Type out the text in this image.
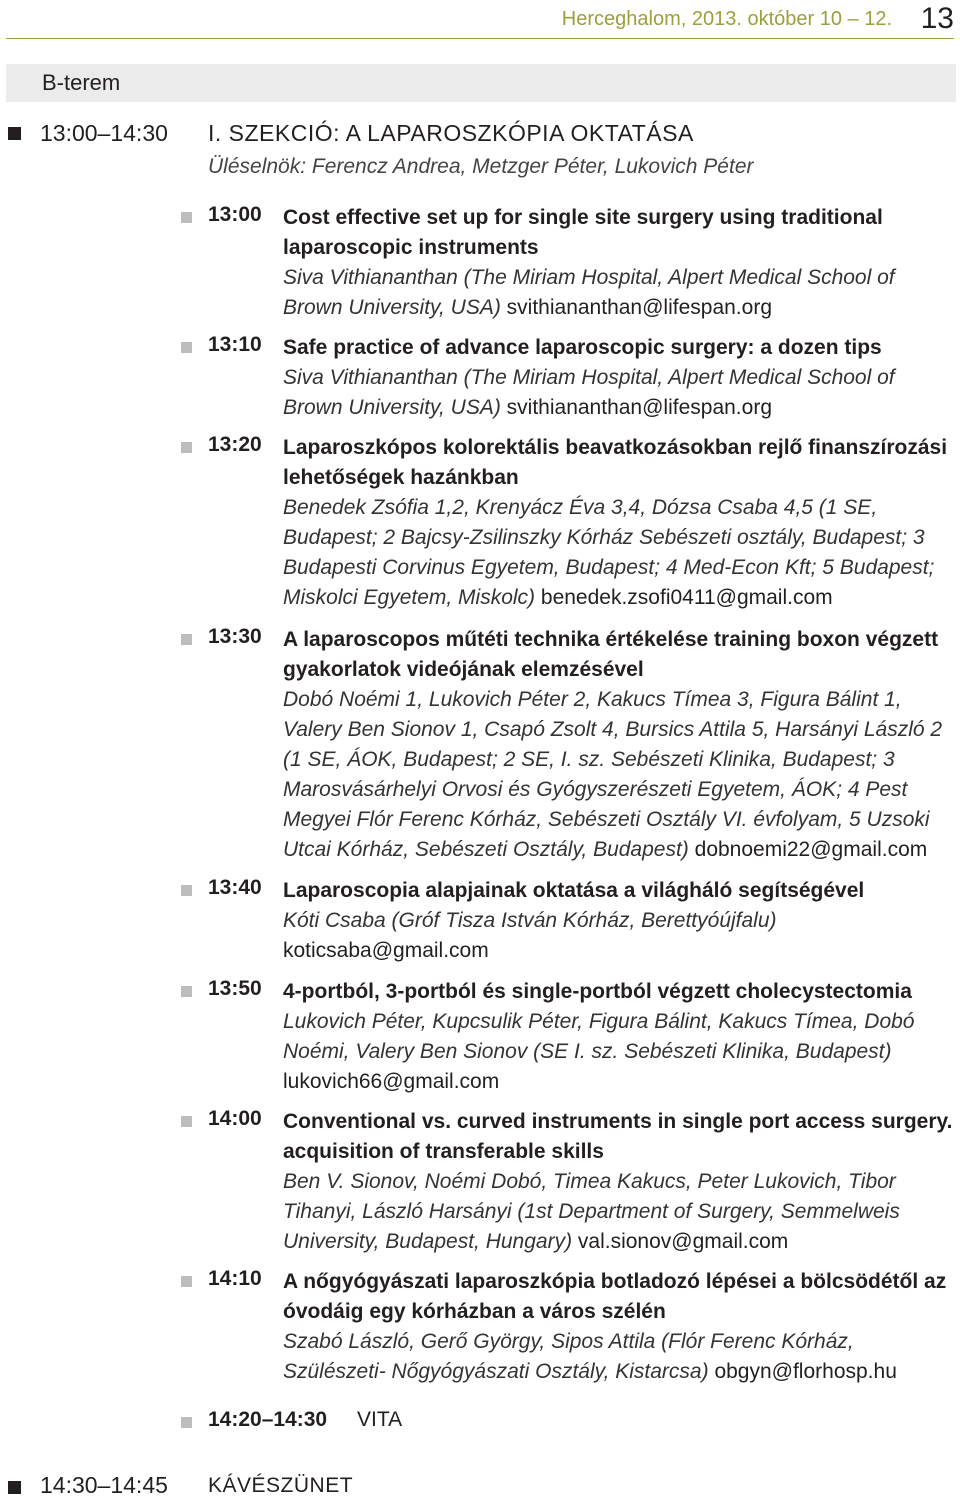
Herceghalom, 2013. október 10 – 12. 13
B-terem
13:00–14:30 I. SZEKCIÓ: A LAPAROSZKÓPIA OKTATÁSA
Üléselnök: Ferencz Andrea, Metzger Péter, Lukovich Péter
13:00 Cost effective set up for single site surgery using traditional laparoscopic instruments
Siva Vithiananthan (The Miriam Hospital, Alpert Medical School of Brown University, USA) svithiananthan@lifespan.org
13:10 Safe practice of advance laparoscopic surgery: a dozen tips
Siva Vithiananthan (The Miriam Hospital, Alpert Medical School of Brown University, USA) svithiananthan@lifespan.org
13:20 Laparoszkópos kolorektális beavatkozásokban rejlő finanszírozási lehetőségek hazánkban
Benedek Zsófia 1,2, Krenyácz Éva 3,4, Dózsa Csaba 4,5 (1 SE, Budapest; 2 Bajcsy-Zsilinszky Kórház Sebészeti osztály, Budapest; 3 Budapesti Corvinus Egyetem, Budapest; 4 Med-Econ Kft; 5 Budapest; Miskolci Egyetem, Miskolc) benedek.zsofi0411@gmail.com
13:30 A laparoscopos műtéti technika értékelése training boxon végzett gyakorlatok videójának elemzésével
Dobó Noémi 1, Lukovich Péter 2, Kakucs Tímea 3, Figura Bálint 1, Valery Ben Sionov 1, Csapó Zsolt 4, Bursics Attila 5, Harsányi László 2 (1 SE, ÁOK, Budapest; 2 SE, I. sz. Sebészeti Klinika, Budapest; 3 Marosvásárhelyi Orvosi és Gyógyszerészeti Egyetem, ÁOK; 4 Pest Megyei Flór Ferenc Kórház, Sebészeti Osztály VI. évfolyam, 5 Uzsoki Utcai Kórház, Sebészeti Osztály, Budapest) dobnoemi22@gmail.com
13:40 Laparoscopia alapjainak oktatása a világháló segítségével
Kóti Csaba (Gróf Tisza István Kórház, Berettyóújfalu) koticsaba@gmail.com
13:50 4-portból, 3-portból és single-portból végzett cholecystectomia
Lukovich Péter, Kupcsulik Péter, Figura Bálint, Kakucs Tímea, Dobó Noémi, Valery Ben Sionov (SE I. sz. Sebészeti Klinika, Budapest) lukovich66@gmail.com
14:00 Conventional vs. curved instruments in single port access surgery. acquisition of transferable skills
Ben V. Sionov, Noémi Dobó, Timea Kakucs, Peter Lukovich, Tibor Tihanyi, László Harsányi (1st Department of Surgery, Semmelweis University, Budapest, Hungary) val.sionov@gmail.com
14:10 A nőgyógyászati laparoszkópia botladozó lépései a bölcsödétől az óvodáig egy kórházban a város szélén
Szabó László, Gerő György, Sipos Attila (Flór Ferenc Kórház, Szülészeti- Nőgyógyászati Osztály, Kistarcsa) obgyn@florhosp.hu
14:20–14:30 VITA
14:30–14:45 KÁVÉSZÜNET
